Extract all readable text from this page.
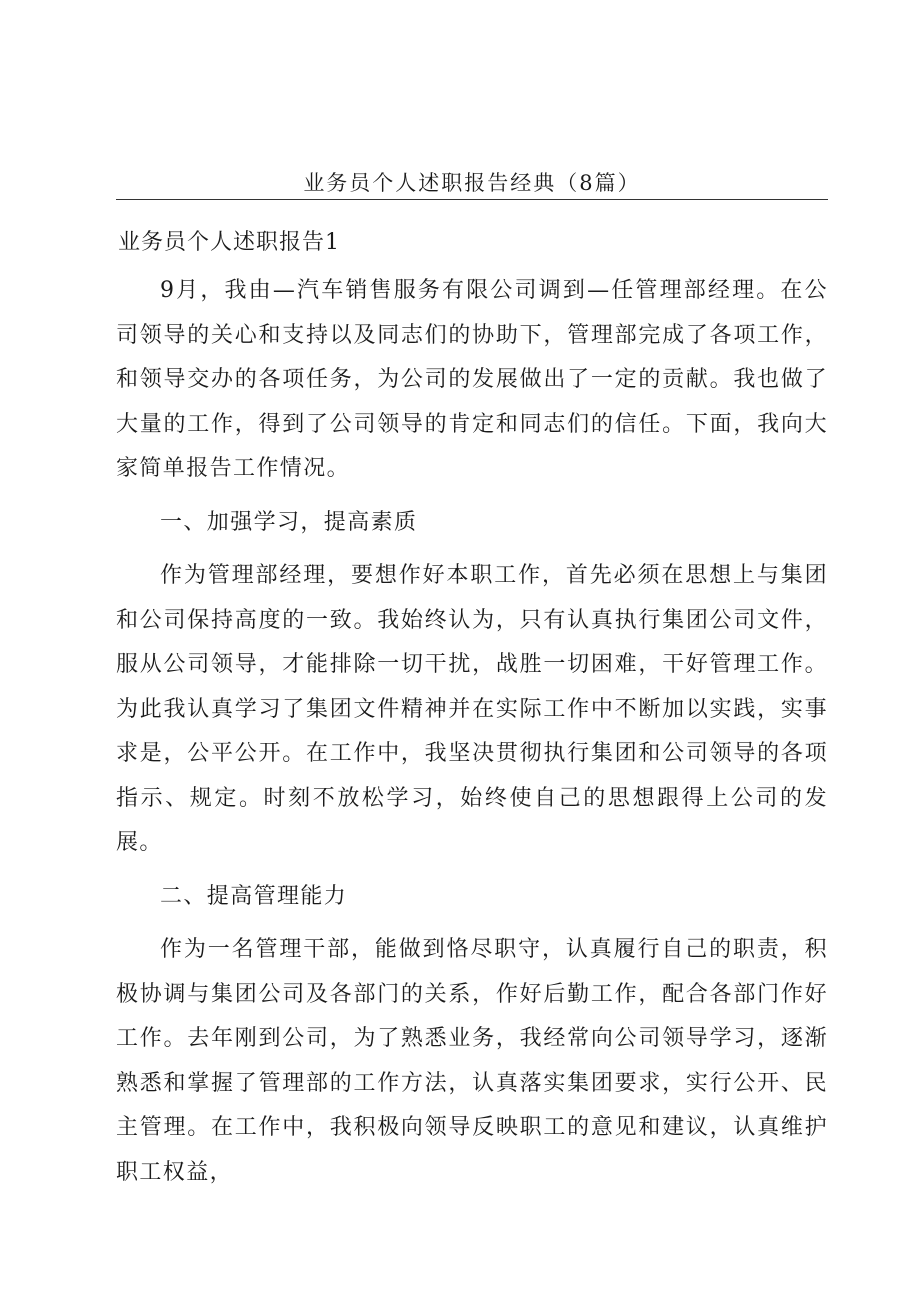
业务员个人述职报告经典（8篇）
业务员个人述职报告1

9月，我由—汽车销售服务有限公司调到—任管理部经理。在公司领导的关心和支持以及同志们的协助下，管理部完成了各项工作，和领导交办的各项任务，为公司的发展做出了一定的贡献。我也做了大量的工作，得到了公司领导的肯定和同志们的信任。下面，我向大家简单报告工作情况。

一、加强学习，提高素质

作为管理部经理，要想作好本职工作，首先必须在思想上与集团和公司保持高度的一致。我始终认为，只有认真执行集团公司文件，服从公司领导，才能排除一切干扰，战胜一切困难，干好管理工作。为此我认真学习了集团文件精神并在实际工作中不断加以实践，实事求是，公平公开。在工作中，我坚决贯彻执行集团和公司领导的各项指示、规定。时刻不放松学习，始终使自己的思想跟得上公司的发展。

二、提高管理能力

作为一名管理干部，能做到恪尽职守，认真履行自己的职责，积极协调与集团公司及各部门的关系，作好后勤工作，配合各部门作好工作。去年刚到公司，为了熟悉业务，我经常向公司领导学习，逐渐熟悉和掌握了管理部的工作方法，认真落实集团要求，实行公开、民主管理。在工作中，我积极向领导反映职工的意见和建议，认真维护职工权益，
